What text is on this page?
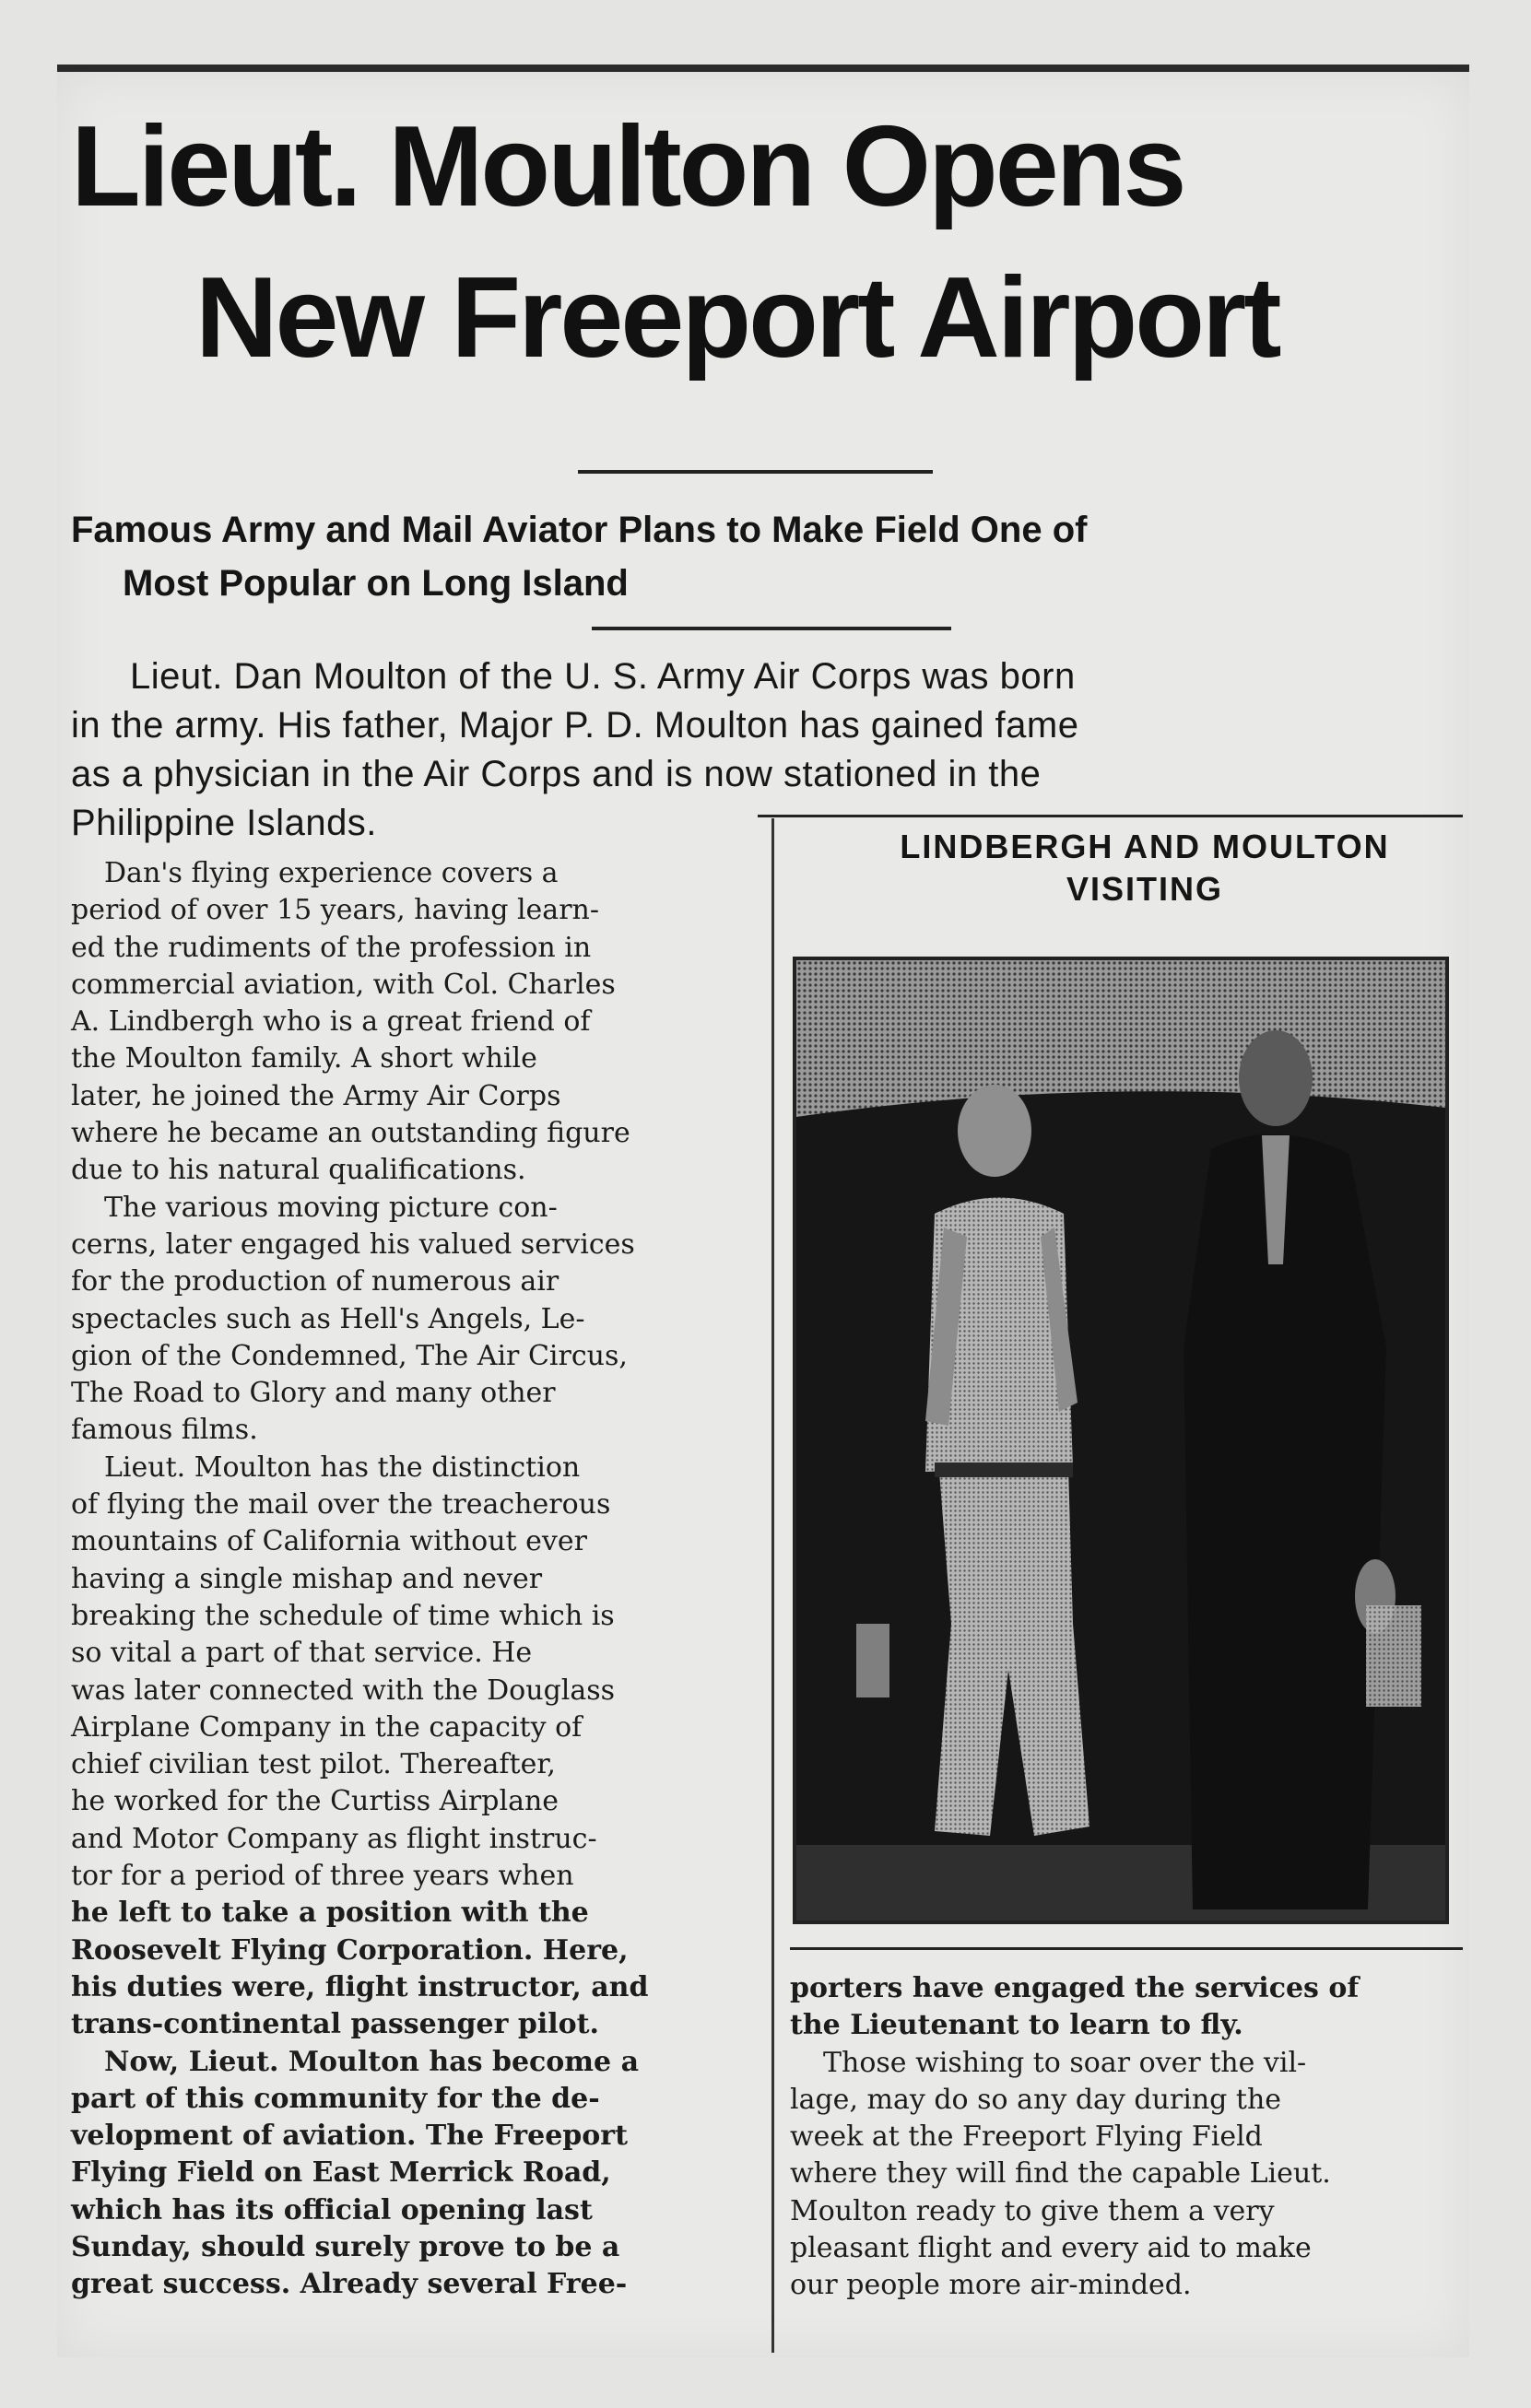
Lieut. Moulton Opens
New Freeport Airport
Famous Army and Mail Aviator Plans to Make Field One of
Most Popular on Long Island
Lieut. Dan Moulton of the U. S. Army Air Corps was born
in the army. His father, Major P. D. Moulton has gained fame
as a physician in the Air Corps and is now stationed in the
Philippine Islands.
Dan's flying experience covers a
period of over 15 years, having learn-
ed the rudiments of the profession in
commercial aviation, with Col. Charles
A. Lindbergh who is a great friend of
the Moulton family. A short while
later, he joined the Army Air Corps
where he became an outstanding figure
due to his natural qualifications.
The various moving picture con-
cerns, later engaged his valued services
for the production of numerous air
spectacles such as Hell's Angels, Le-
gion of the Condemned, The Air Circus,
The Road to Glory and many other
famous films.
Lieut. Moulton has the distinction
of flying the mail over the treacherous
mountains of California without ever
having a single mishap and never
breaking the schedule of time which is
so vital a part of that service. He
was later connected with the Douglass
Airplane Company in the capacity of
chief civilian test pilot. Thereafter,
he worked for the Curtiss Airplane
and Motor Company as flight instruc-
tor for a period of three years when
he left to take a position with the
Roosevelt Flying Corporation. Here,
his duties were, flight instructor, and
trans-continental passenger pilot.
Now, Lieut. Moulton has become a
part of this community for the de-
velopment of aviation. The Freeport
Flying Field on East Merrick Road,
which has its official opening last
Sunday, should surely prove to be a
great success. Already several Free-
LINDBERGH AND MOULTON
VISITING
porters have engaged the services of
the Lieutenant to learn to fly.
Those wishing to soar over the vil-
lage, may do so any day during the
week at the Freeport Flying Field
where they will find the capable Lieut.
Moulton ready to give them a very
pleasant flight and every aid to make
our people more air-minded.
